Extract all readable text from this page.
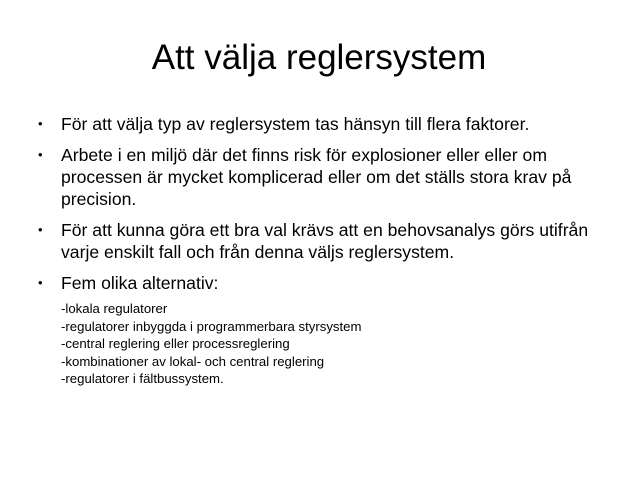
Att välja reglersystem
• För att välja typ av reglersystem tas hänsyn till flera faktorer.
• Arbete i en miljö där det finns risk för explosioner eller eller om processen är mycket komplicerad eller om det ställs stora krav på precision.
• För att kunna göra ett bra val krävs att en behovsanalys görs utifrån varje enskilt fall och från denna väljs reglersystem.
• Fem olika alternativ:
-lokala regulatorer
-regulatorer inbyggda i programmerbara styrsystem
-central reglering eller processreglering
-kombinationer av lokal- och central reglering
-regulatorer i fältbussystem.
